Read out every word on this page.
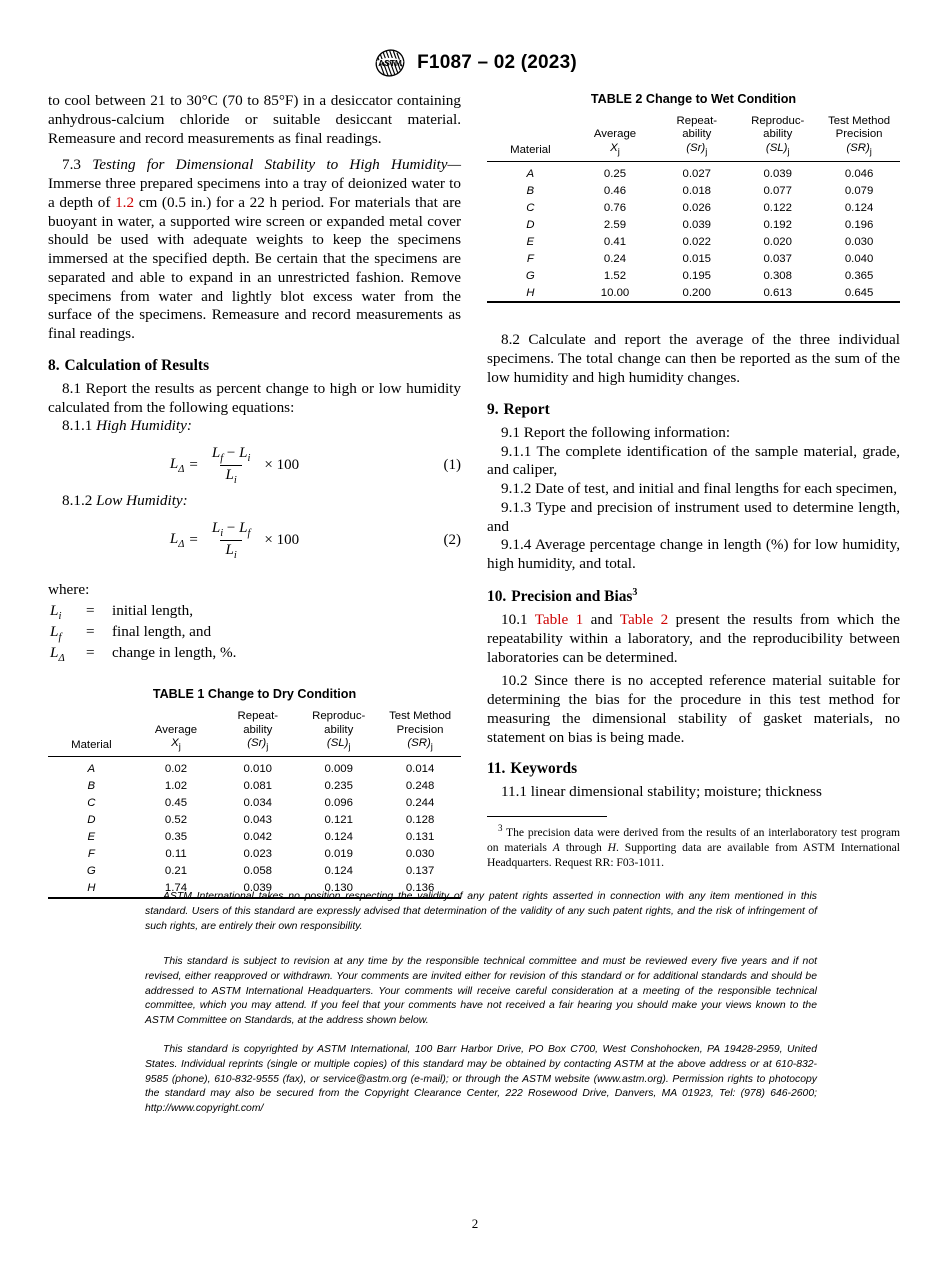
ASTM F1087 – 02 (2023)

to cool between 21 to 30°C (70 to 85°F) in a desiccator containing anhydrous-calcium chloride or suitable desiccant material. Remeasure and record measurements as final readings.

7.3 Testing for Dimensional Stability to High Humidity—Immerse three prepared specimens into a tray of deionized water to a depth of 1.2 cm (0.5 in.) for a 22 h period. For materials that are buoyant in water, a supported wire screen or expanded metal cover should be used with adequate weights to keep the specimens immersed at the specified depth. Be certain that the specimens are separated and able to expand in an unrestricted fashion. Remove specimens from water and lightly blot excess water from the surface of the specimens. Remeasure and record measurements as final readings.

8. Calculation of Results

8.1 Report the results as percent change to high or low humidity calculated from the following equations:

8.1.1 High Humidity:

$L_\Delta = \frac{L_f - L_i}{L_i} \times 100$	(1)

8.1.2 Low Humidity:

$L_\Delta = \frac{L_i - L_f}{L_i} \times 100$	(2)
where:
$L_i$	=	initial length,
$L_f$	=	final length, and
$L_\Delta$	=	change in length, %.
TABLE 1 Change to Dry Condition
Material

Average
$X_j$

Repeat-
ability
$(Sr)_j$

Reproduc-
ability
$(SL)_j$

Test Method
Precision
$(SR)_j$

A	0.02	0.010	0.009	0.014
B	1.02	0.081	0.235	0.248
C	0.45	0.034	0.096	0.244
D	0.52	0.043	0.121	0.128
E	0.35	0.042	0.124	0.131
F	0.11	0.023	0.019	0.030
G	0.21	0.058	0.124	0.137
H	1.74	0.039	0.130	0.136
TABLE 2 Change to Wet Condition
Material

Average
$X_j$

Repeat-
ability
$(Sr)_j$

Reproduc-
ability
$(SL)_j$

Test Method
Precision
$(SR)_j$

A	0.25	0.027	0.039	0.046
B	0.46	0.018	0.077	0.079
C	0.76	0.026	0.122	0.124
D	2.59	0.039	0.192	0.196
E	0.41	0.022	0.020	0.030
F	0.24	0.015	0.037	0.040
G	1.52	0.195	0.308	0.365
H	10.00	0.200	0.613	0.645

8.2 Calculate and report the average of the three individual specimens. The total change can then be reported as the sum of the low humidity and high humidity changes.

9. Report

9.1 Report the following information:

9.1.1 The complete identification of the sample material, grade, and caliper,

9.1.2 Date of test, and initial and final lengths for each specimen,

9.1.3 Type and precision of instrument used to determine length, and

9.1.4 Average percentage change in length (%) for low humidity, high humidity, and total.

10. Precision and Bias$^3$

10.1 Table 1 and Table 2 present the results from which the repeatability within a laboratory, and the reproducibility between laboratories can be determined.

10.2 Since there is no accepted reference material suitable for determining the bias for the procedure in this test method for measuring the dimensional stability of gasket materials, no statement on bias is being made.

11. Keywords

11.1 linear dimensional stability; moisture; thickness

$^3$ The precision data were derived from the results of an interlaboratory test program on materials A through H. Supporting data are available from ASTM International Headquarters. Request RR: F03-1011.

ASTM International takes no position respecting the validity of any patent rights asserted in connection with any item mentioned in this standard. Users of this standard are expressly advised that determination of the validity of any such patent rights, and the risk of infringement of such rights, are entirely their own responsibility.

This standard is subject to revision at any time by the responsible technical committee and must be reviewed every five years and if not revised, either reapproved or withdrawn. Your comments are invited either for revision of this standard or for additional standards and should be addressed to ASTM International Headquarters. Your comments will receive careful consideration at a meeting of the responsible technical committee, which you may attend. If you feel that your comments have not received a fair hearing you should make your views known to the ASTM Committee on Standards, at the address shown below.

This standard is copyrighted by ASTM International, 100 Barr Harbor Drive, PO Box C700, West Conshohocken, PA 19428-2959, United States. Individual reprints (single or multiple copies) of this standard may be obtained by contacting ASTM at the above address or at 610-832-9585 (phone), 610-832-9555 (fax), or service@astm.org (e-mail); or through the ASTM website (www.astm.org). Permission rights to photocopy the standard may also be secured from the Copyright Clearance Center, 222 Rosewood Drive, Danvers, MA 01923, Tel: (978) 646-2600; http://www.copyright.com/

2
